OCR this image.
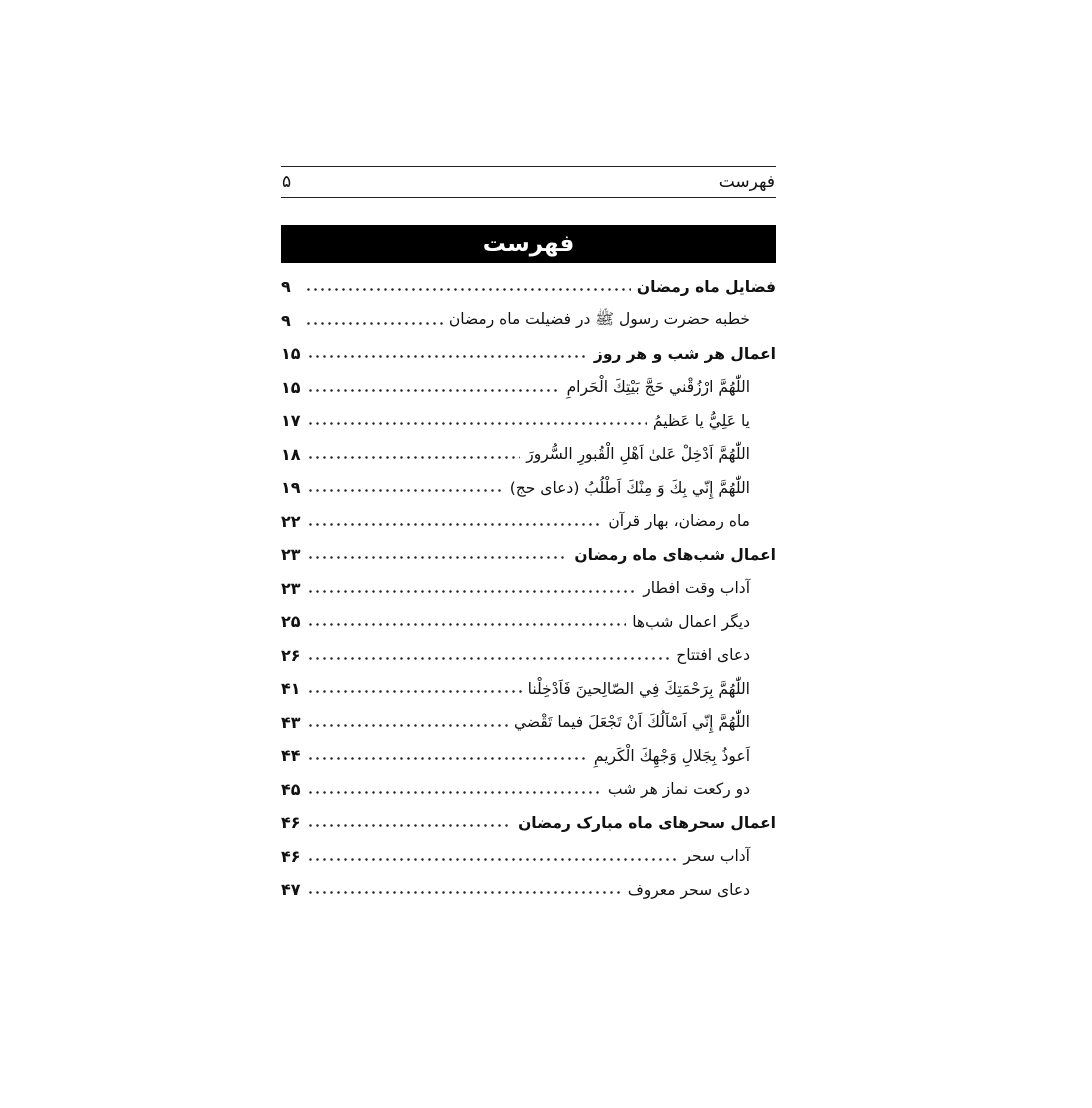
فهرست
۵
فهرست
فضایل ماه رمضان
۹
خطبه حضرت رسول ﷺ در فضیلت ماه رمضان
۹
اعمال هر شب و هر روز
۱۵
اللّٰهُمَّ ارْزُقْني حَجَّ بَيْتِكَ الْحَرامِ
۱۵
يا عَلِيُّ يا عَظيمُ
۱۷
اللّٰهُمَّ اَدْخِلْ عَلىٰ اَهْلِ الْقُبورِ السُّرورَ
۱۸
اللّٰهُمَّ إِنّي بِكَ وَ مِنْكَ اَطْلُبُ (دعای حج)
۱۹
ماه رمضان، بهار قرآن
۲۲
اعمال شب‌های ماه رمضان
۲۳
آداب وقت افطار
۲۳
دیگر اعمال شب‌ها
۲۵
دعای افتتاح
۲۶
اللّٰهُمَّ بِرَحْمَتِكَ فِي الصّالِحينَ فَاَدْخِلْنا
۴۱
اللّٰهُمَّ إِنّي اَسْاَلُكَ اَنْ تَجْعَلَ فيما تَقْضي
۴۳
اَعوذُ بِجَلالِ وَجْهِكَ الْكَريمِ
۴۴
دو رکعت نماز هر شب
۴۵
اعمال سحرهای ماه مبارک رمضان
۴۶
آداب سحر
۴۶
دعای سحر معروف
۴۷
